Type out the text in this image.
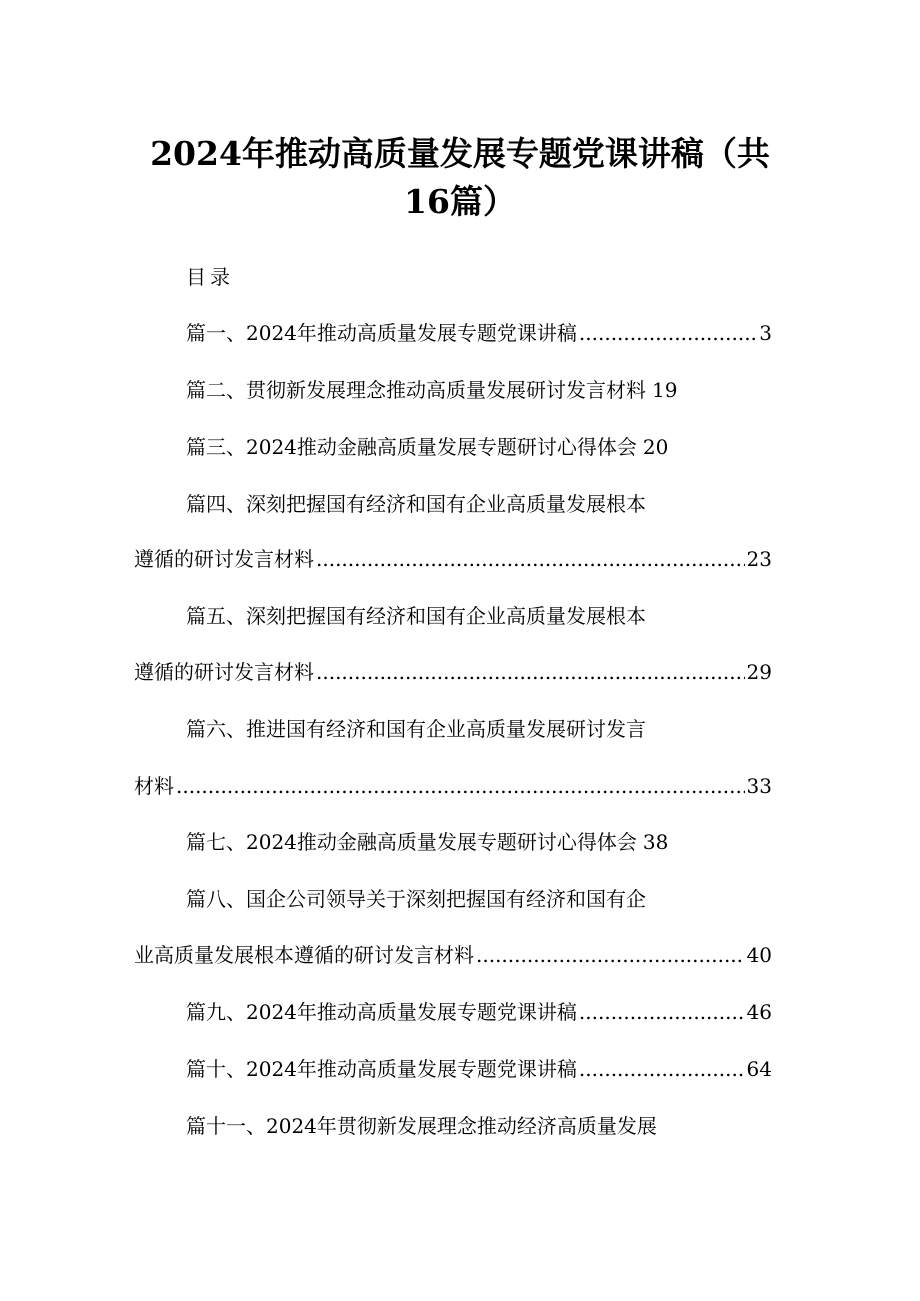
2024年推动高质量发展专题党课讲稿（共
16篇）
目录
篇一、2024年推动高质量发展专题党课讲稿 .....	3
篇二、贯彻新发展理念推动高质量发展研讨发言材料 19
篇三、2024推动金融高质量发展专题研讨心得体会 20
篇四、深刻把握国有经济和国有企业高质量发展根本
遵循的研讨发言材料 .....	23
篇五、深刻把握国有经济和国有企业高质量发展根本
遵循的研讨发言材料 .....	29
篇六、推进国有经济和国有企业高质量发展研讨发言
材料 .....	33
篇七、2024推动金融高质量发展专题研讨心得体会 38
篇八、国企公司领导关于深刻把握国有经济和国有企
业高质量发展根本遵循的研讨发言材料 .....	40
篇九、2024年推动高质量发展专题党课讲稿 .....	46
篇十、2024年推动高质量发展专题党课讲稿 .....	64
篇十一、2024年贯彻新发展理念推动经济高质量发展
